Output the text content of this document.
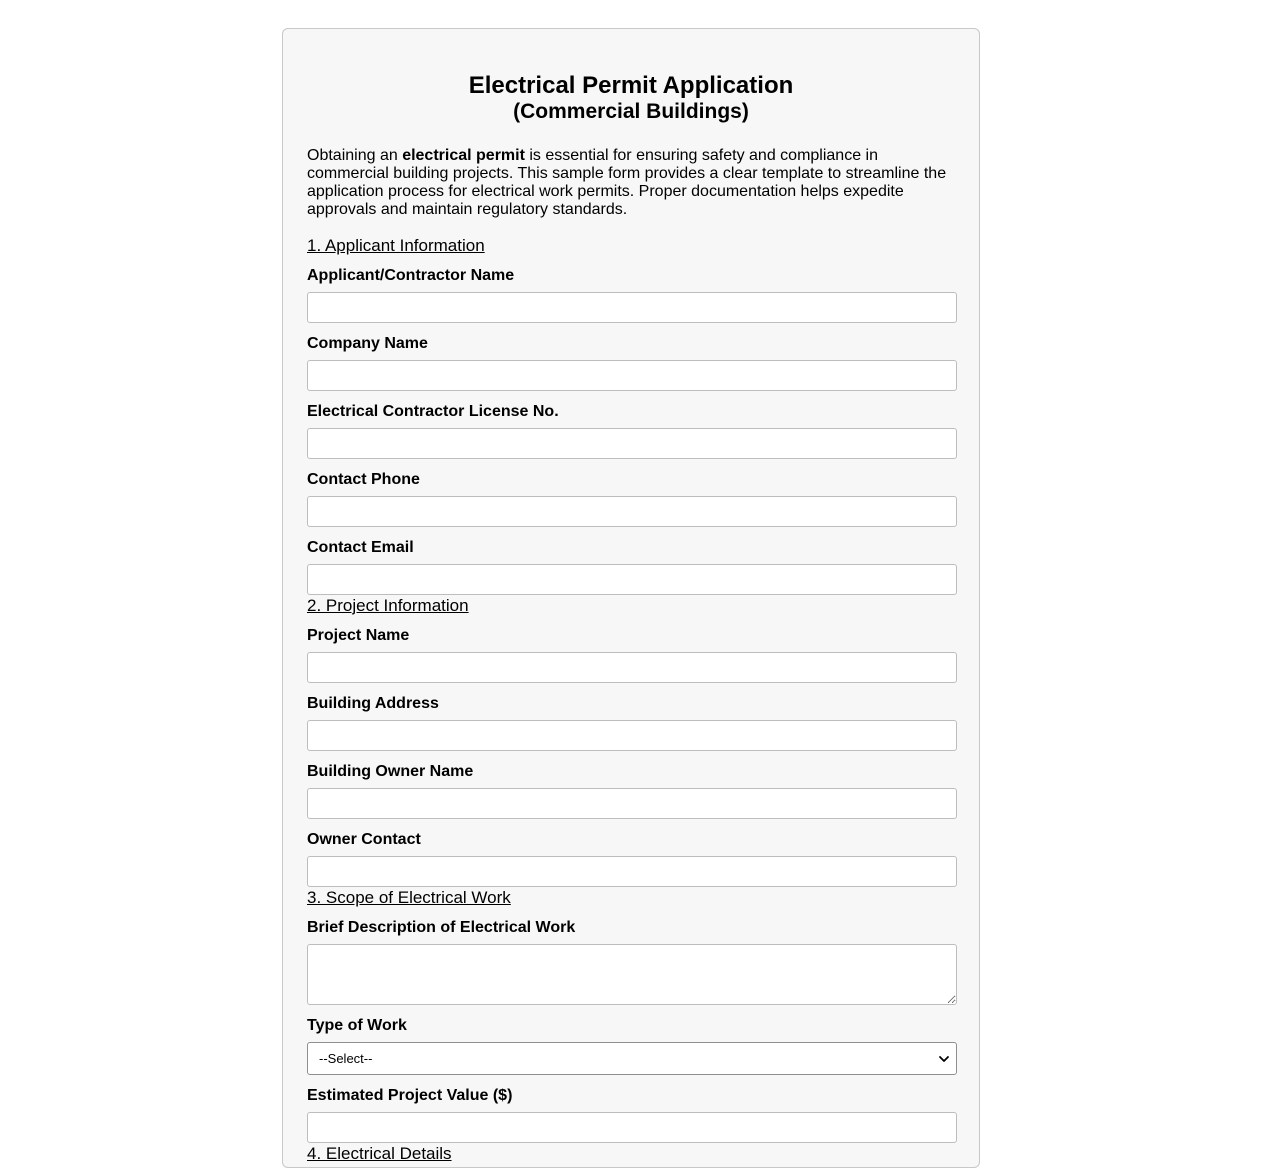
Electrical Permit Application
(Commercial Buildings)
Obtaining an electrical permit is essential for ensuring safety and compliance in commercial building projects. This sample form provides a clear template to streamline the application process for electrical work permits. Proper documentation helps expedite approvals and maintain regulatory standards.
1. Applicant Information
Applicant/Contractor Name
Company Name
Electrical Contractor License No.
Contact Phone
Contact Email
2. Project Information
Project Name
Building Address
Building Owner Name
Owner Contact
3. Scope of Electrical Work
Brief Description of Electrical Work
Type of Work
--Select--
Estimated Project Value ($)
4. Electrical Details
